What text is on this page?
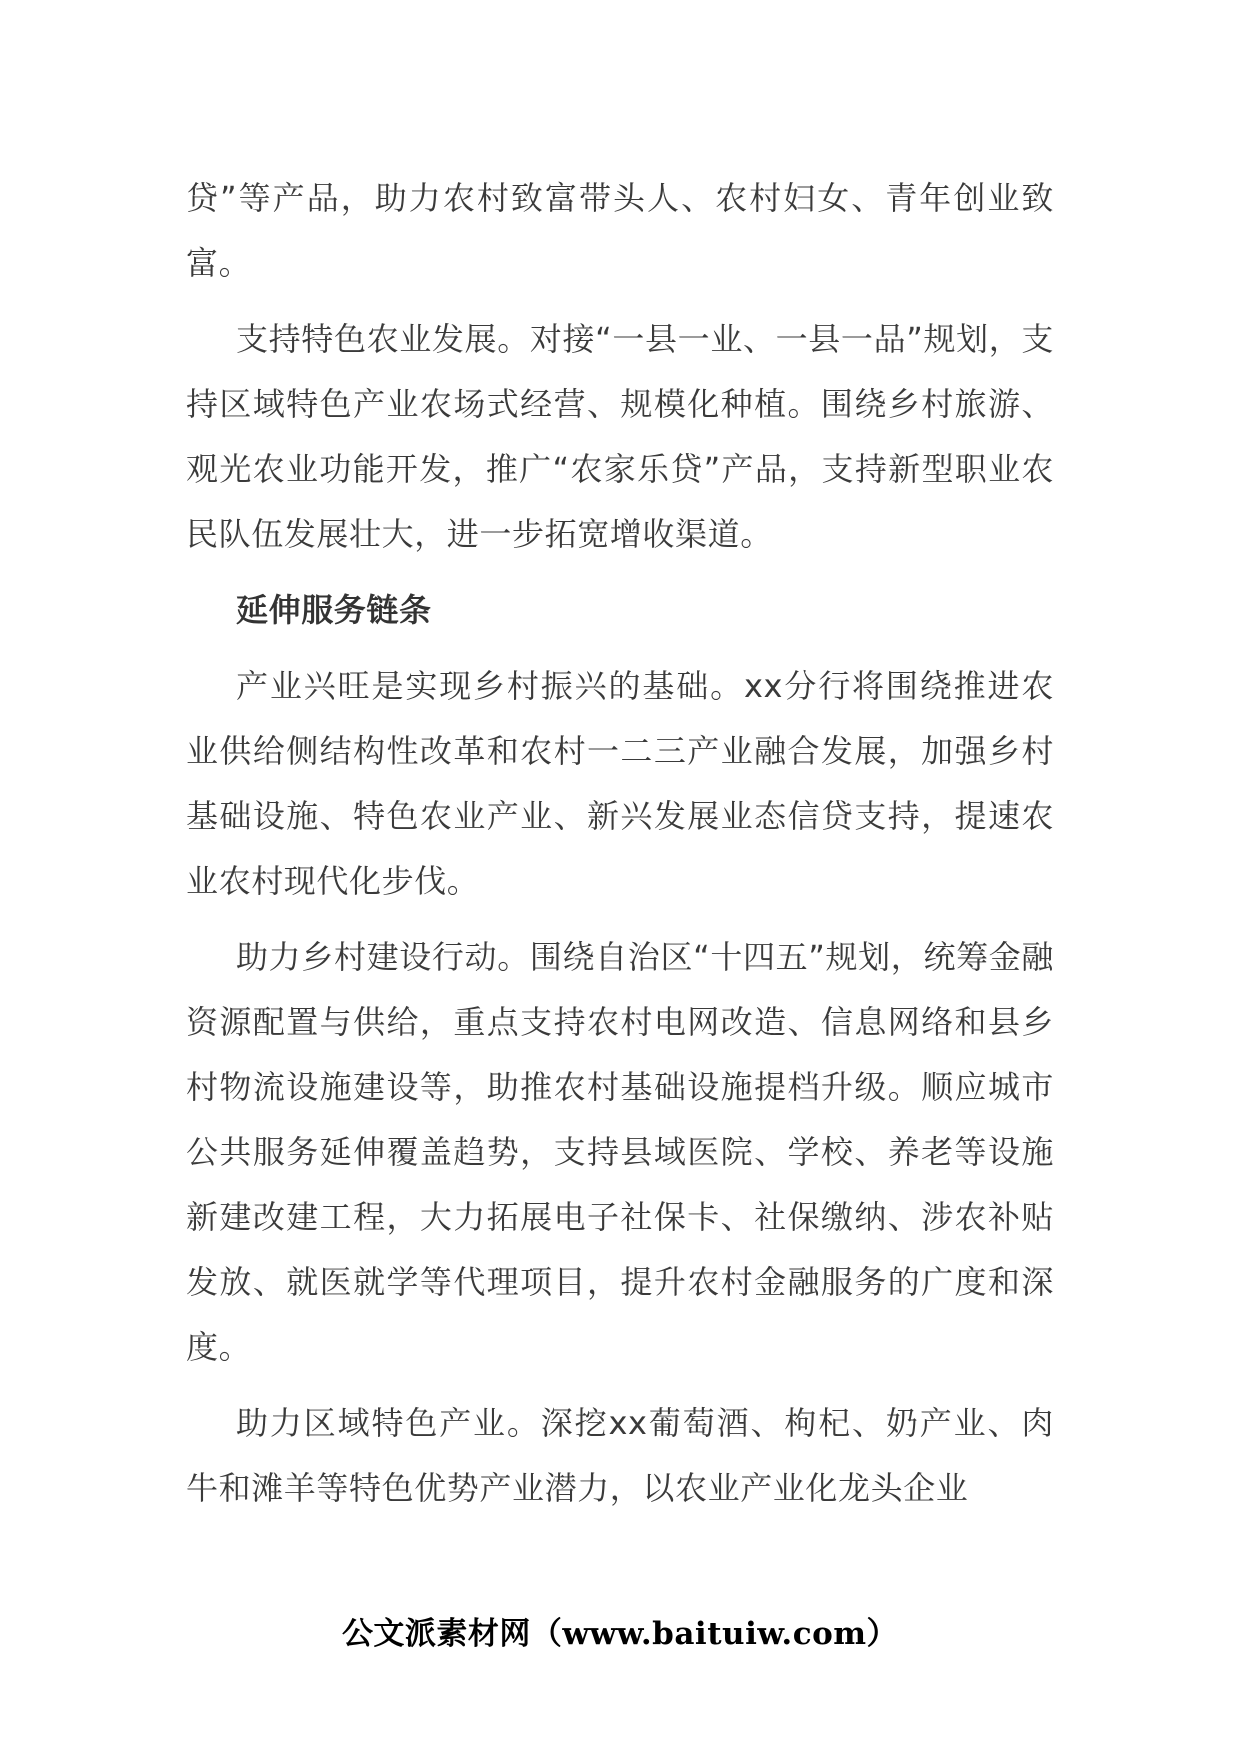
贷”等产品，助力农村致富带头人、农村妇女、青年创业致富。

支持特色农业发展。对接“一县一业、一县一品”规划，支持区域特色产业农场式经营、规模化种植。围绕乡村旅游、观光农业功能开发，推广“农家乐贷”产品，支持新型职业农民队伍发展壮大，进一步拓宽增收渠道。

延伸服务链条

产业兴旺是实现乡村振兴的基础。xx分行将围绕推进农业供给侧结构性改革和农村一二三产业融合发展，加强乡村基础设施、特色农业产业、新兴发展业态信贷支持，提速农业农村现代化步伐。

助力乡村建设行动。围绕自治区“十四五”规划，统筹金融资源配置与供给，重点支持农村电网改造、信息网络和县乡村物流设施建设等，助推农村基础设施提档升级。顺应城市公共服务延伸覆盖趋势，支持县域医院、学校、养老等设施新建改建工程，大力拓展电子社保卡、社保缴纳、涉农补贴发放、就医就学等代理项目，提升农村金融服务的广度和深度。

助力区域特色产业。深挖xx葡萄酒、枸杞、奶产业、肉牛和滩羊等特色优势产业潜力，以农业产业化龙头企业

公文派素材网（www.baituiw.com）
